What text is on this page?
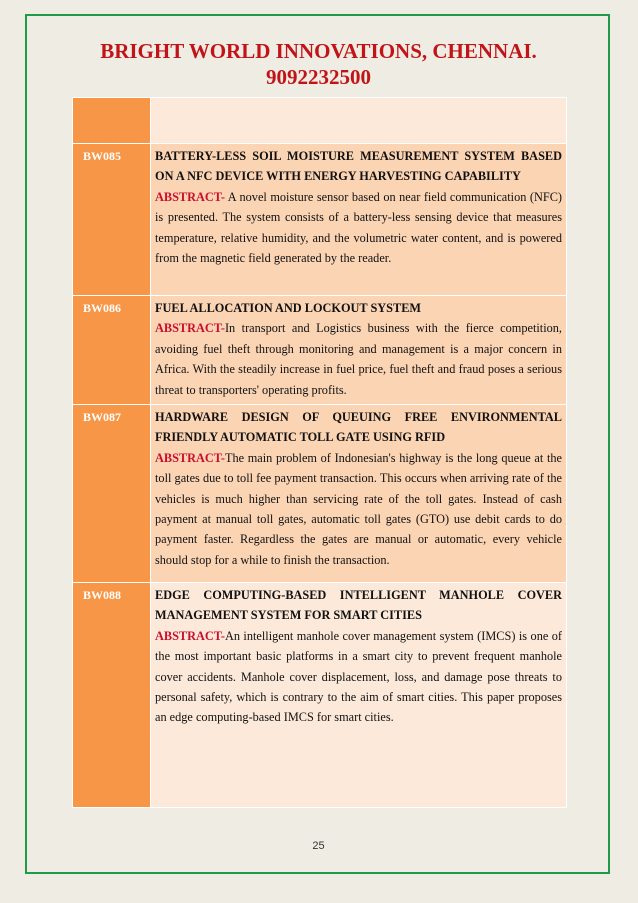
BRIGHT WORLD INNOVATIONS, CHENNAI.
9092232500

BW085	BATTERY-LESS SOIL MOISTURE MEASUREMENT SYSTEM BASED ON A NFC DEVICE WITH ENERGY HARVESTING CAPABILITY
ABSTRACT- A novel moisture sensor based on near field communication (NFC) is presented. The system consists of a battery-less sensing device that measures temperature, relative humidity, and the volumetric water content, and is powered from the magnetic field generated by the reader.
BW086	FUEL ALLOCATION AND LOCKOUT SYSTEM
ABSTRACT-In transport and Logistics business with the fierce competition, avoiding fuel theft through monitoring and management is a major concern in Africa. With the steadily increase in fuel price, fuel theft and fraud poses a serious threat to transporters' operating profits.
BW087	HARDWARE DESIGN OF QUEUING FREE ENVIRONMENTAL FRIENDLY AUTOMATIC TOLL GATE USING RFID
ABSTRACT-The main problem of Indonesian's highway is the long queue at the toll gates due to toll fee payment transaction. This occurs when arriving rate of the vehicles is much higher than servicing rate of the toll gates. Instead of cash payment at manual toll gates, automatic toll gates (GTO) use debit cards to do payment faster. Regardless the gates are manual or automatic, every vehicle should stop for a while to finish the transaction.
BW088	EDGE COMPUTING-BASED INTELLIGENT MANHOLE COVER MANAGEMENT SYSTEM FOR SMART CITIES
ABSTRACT-An intelligent manhole cover management system (IMCS) is one of the most important basic platforms in a smart city to prevent frequent manhole cover accidents. Manhole cover displacement, loss, and damage pose threats to personal safety, which is contrary to the aim of smart cities. This paper proposes an edge computing-based IMCS for smart cities.
25
